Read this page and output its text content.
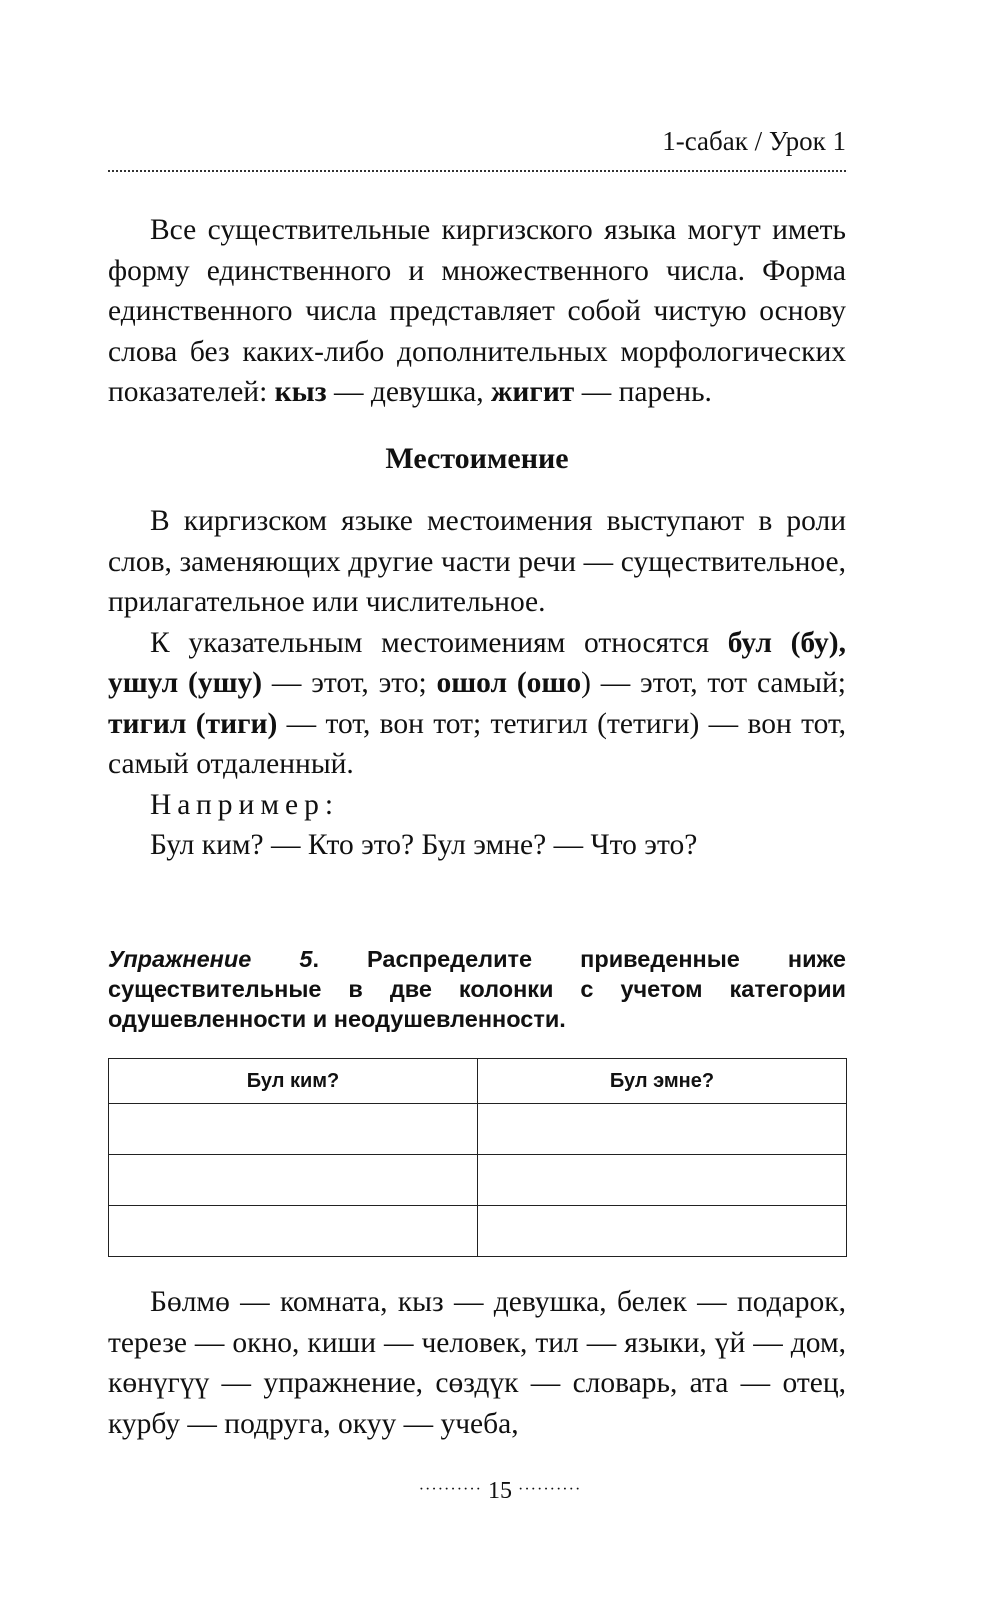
1-сабак / Урок 1

Все существительные киргизского языка могут иметь форму единственного и множественного числа. Форма единственного числа представляет собой чистую основу слова без каких-либо дополнительных морфологических показателей: кыз — девушка, жигит — парень.

Местоимение

В киргизском языке местоимения выступают в роли слов, заменяющих другие части речи — существительное, прилагательное или числительное.

К указательным местоимениям относятся бул (бу), ушул (ушу) — этот, это; ошол (ошо) — этот, тот самый; тигил (тиги) — тот, вон тот; тетигил (тетиги) — вон тот, самый отдаленный.

Например:

Бул ким? — Кто это? Бул эмне? — Что это?

Упражнение 5. Распределите приведенные ниже существительные в две колонки с учетом категории одушевленности и неодушевленности.
Бул ким?	Бул эмне?

Бөлмө — комната, кыз — девушка, белек — подарок, терезе — окно, киши — человек, тил — языки, үй — дом, көнүгүү — упражнение, сөздүк — словарь, ата — отец, курбу — подруга, окуу — учеба,

·········· 15 ··········
